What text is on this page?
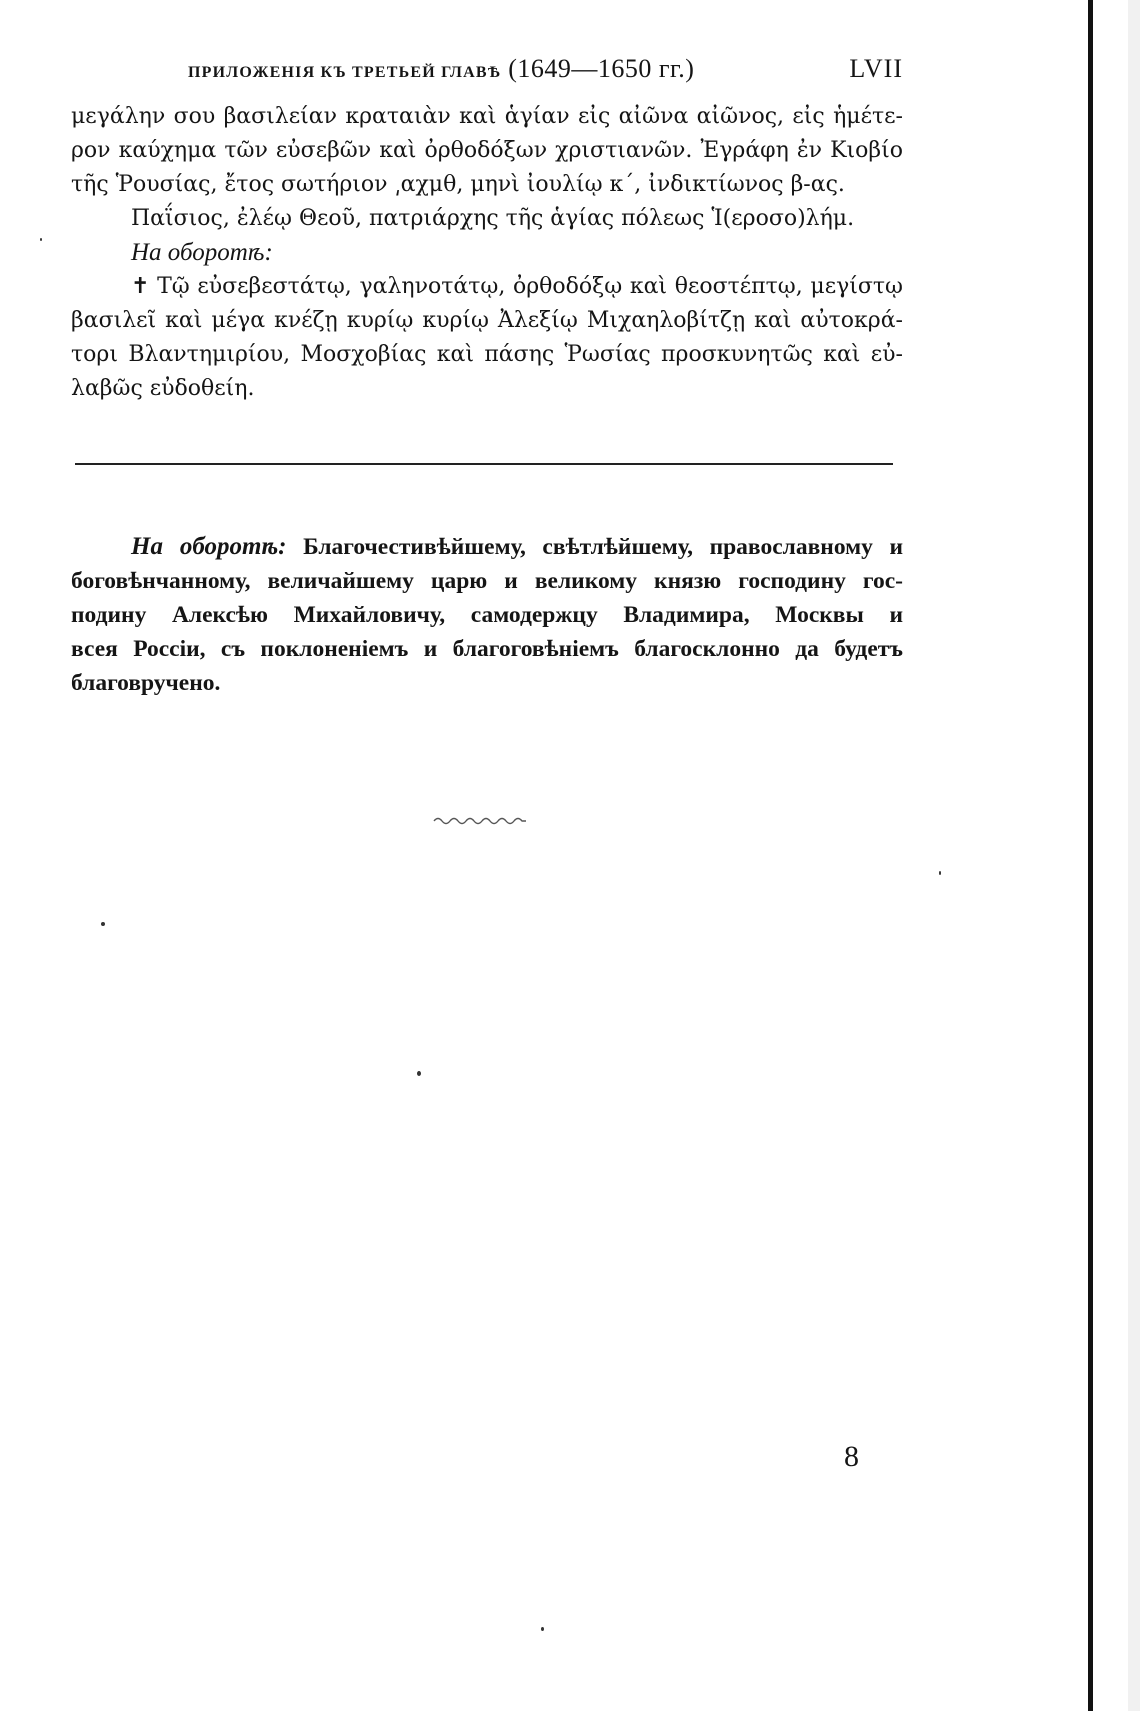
ПРИЛОЖЕНІЯ КЪ ТРЕТЬЕЙ ГЛАВѢ (1649—1650 гг.)	LVII
μεγάλην σου βασιλείαν κραταιὰν καὶ ἁγίαν εἰς αἰῶνα αἰῶνος, εἰς ἡμέτε-
ρον καύχημα τῶν εὐσεβῶν καὶ ὀρθοδόξων χριστιανῶν. Ἐγράφη ἐν Κιοβίο
τῆς Ῥουσίας, ἔτος σωτήριον ͵αχμθ, μηνὶ ἰουλίῳ κ΄, ἰνδικτίωνος β-ας.
Παΐσιος, ἐλέῳ Θεοῦ, πατριάρχης τῆς ἁγίας πόλεως Ἱ(εροσο)λήμ.
На оборотѣ:
✝ Τῷ εὐσεβεστάτῳ, γαληνοτάτῳ, ὀρθοδόξῳ καὶ θεοστέπτῳ, μεγίστῳ
βασιλεῖ καὶ μέγα κνέζῃ κυρίῳ κυρίῳ Ἀλεξίῳ Μιχαηλοβίτζῃ καὶ αὐτοκρά-
τορι Βλαντημιρίου, Μοσχοβίας καὶ πάσης Ῥωσίας προσκυνητῶς καὶ εὐ-
λαβῶς εὐδοθείη.
На оборотѣ: Благочестивѣйшему, свѣтлѣйшему, православному и
боговѣнчанному, величайшему царю и великому князю господину гос-
подину Алексѣю Михайловичу, самодержцу Владимира, Москвы и
всея Россіи, съ поклоненіемъ и благоговѣніемъ благосклонно да будетъ
благовручено.
8
